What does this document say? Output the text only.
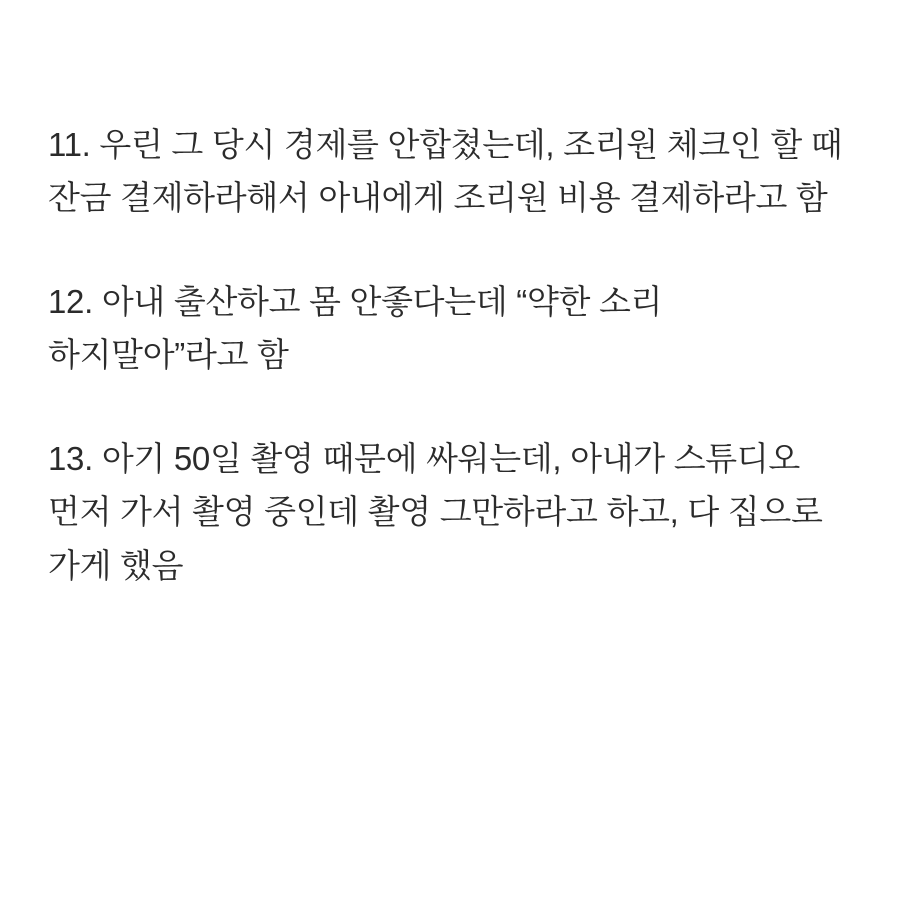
11. 우린 그 당시 경제를 안합쳤는데, 조리원 체크인 할 때 잔금 결제하라해서 아내에게 조리원 비용 결제하라고 함

12. 아내 출산하고 몸 안좋다는데 “약한 소리 하지말아”라고 함

13. 아기 50일 촬영 때문에 싸워는데, 아내가 스튜디오 먼저 가서 촬영 중인데 촬영 그만하라고 하고, 다 집으로 가게 했음
